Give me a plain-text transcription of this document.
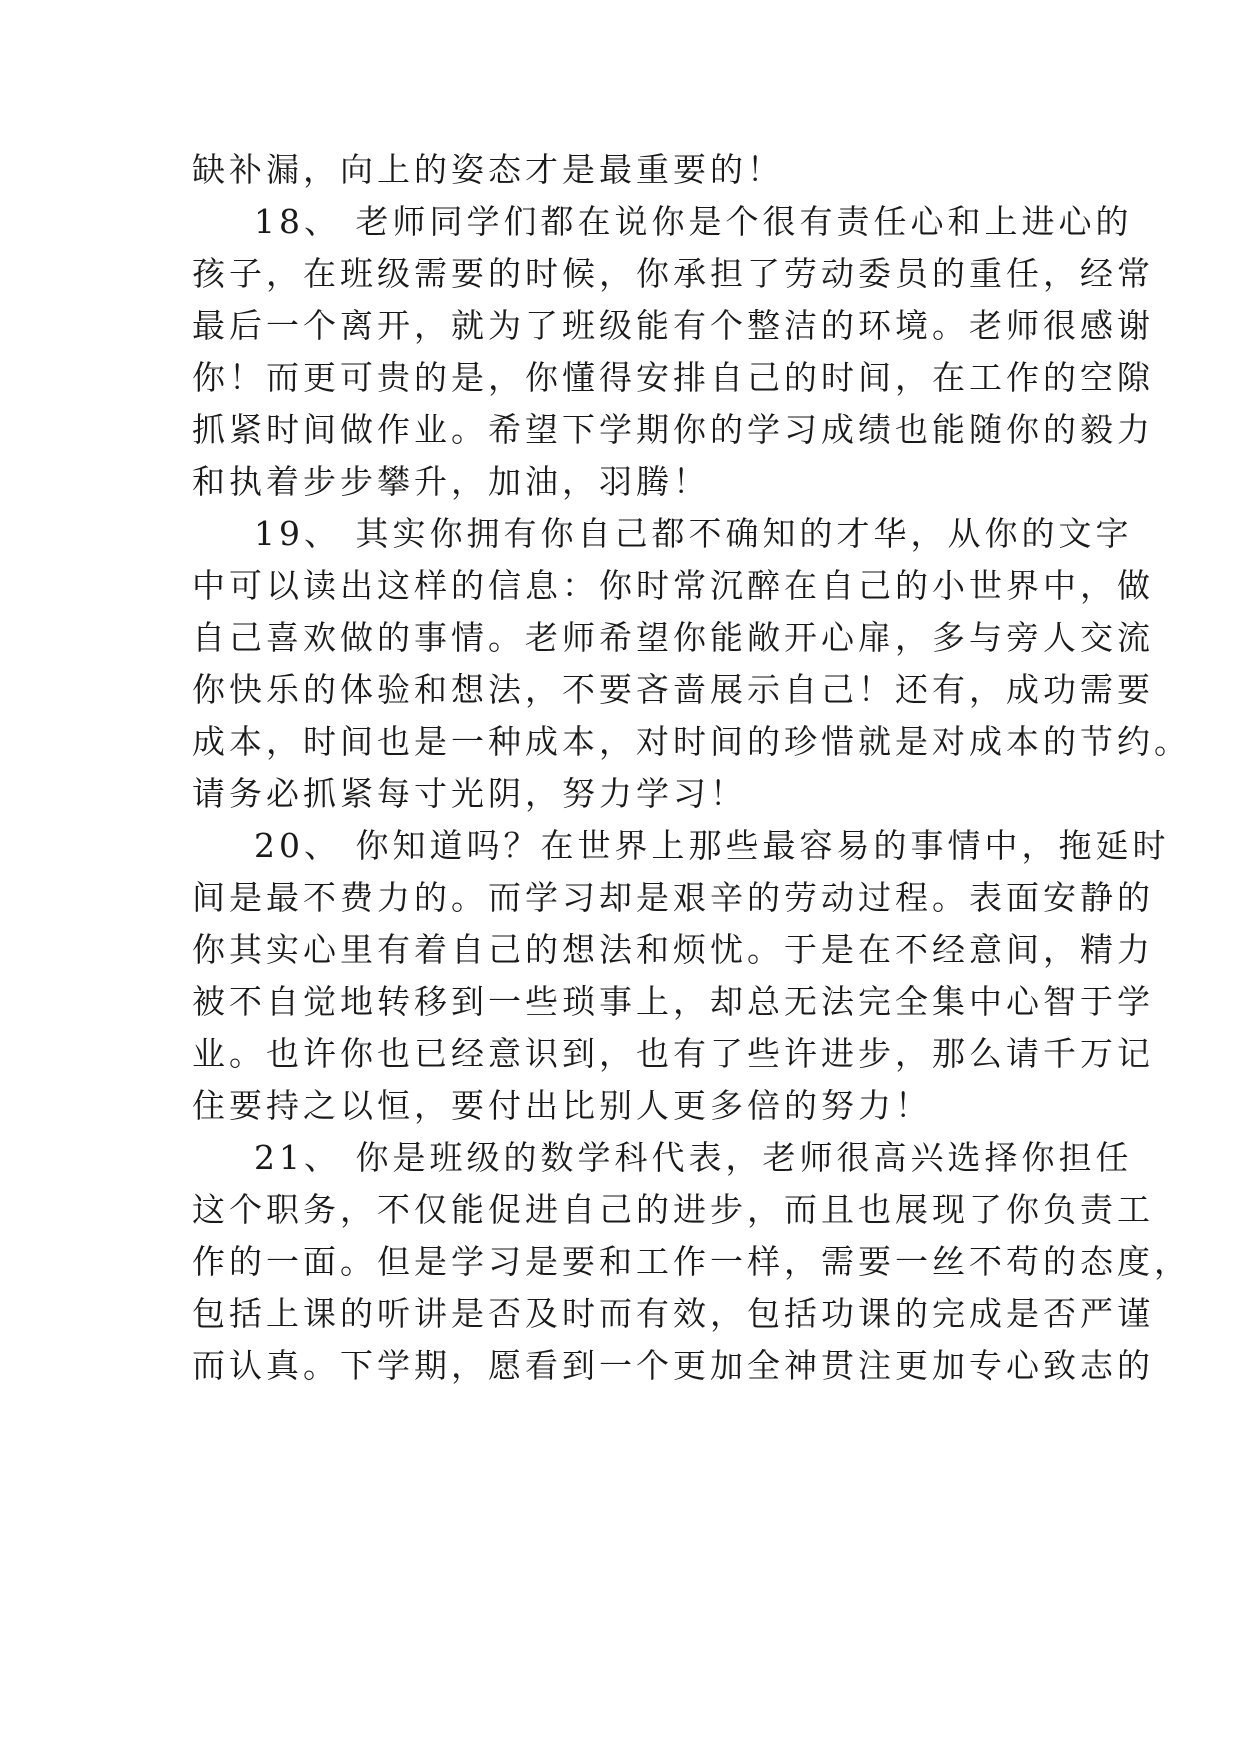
缺补漏，向上的姿态才是最重要的！
18、 老师同学们都在说你是个很有责任心和上进心的
孩子，在班级需要的时候，你承担了劳动委员的重任，经常
最后一个离开，就为了班级能有个整洁的环境。老师很感谢
你！而更可贵的是，你懂得安排自己的时间，在工作的空隙
抓紧时间做作业。希望下学期你的学习成绩也能随你的毅力
和执着步步攀升，加油，羽腾！
19、 其实你拥有你自己都不确知的才华，从你的文字
中可以读出这样的信息：你时常沉醉在自己的小世界中，做
自己喜欢做的事情。老师希望你能敞开心扉，多与旁人交流
你快乐的体验和想法，不要吝啬展示自己！还有，成功需要
成本，时间也是一种成本，对时间的珍惜就是对成本的节约。
请务必抓紧每寸光阴，努力学习！
20、 你知道吗？在世界上那些最容易的事情中，拖延时
间是最不费力的。而学习却是艰辛的劳动过程。表面安静的
你其实心里有着自己的想法和烦忧。于是在不经意间，精力
被不自觉地转移到一些琐事上，却总无法完全集中心智于学
业。也许你也已经意识到，也有了些许进步，那么请千万记
住要持之以恒，要付出比别人更多倍的努力！
21、 你是班级的数学科代表，老师很高兴选择你担任
这个职务，不仅能促进自己的进步，而且也展现了你负责工
作的一面。但是学习是要和工作一样，需要一丝不苟的态度，
包括上课的听讲是否及时而有效，包括功课的完成是否严谨
而认真。下学期，愿看到一个更加全神贯注更加专心致志的
